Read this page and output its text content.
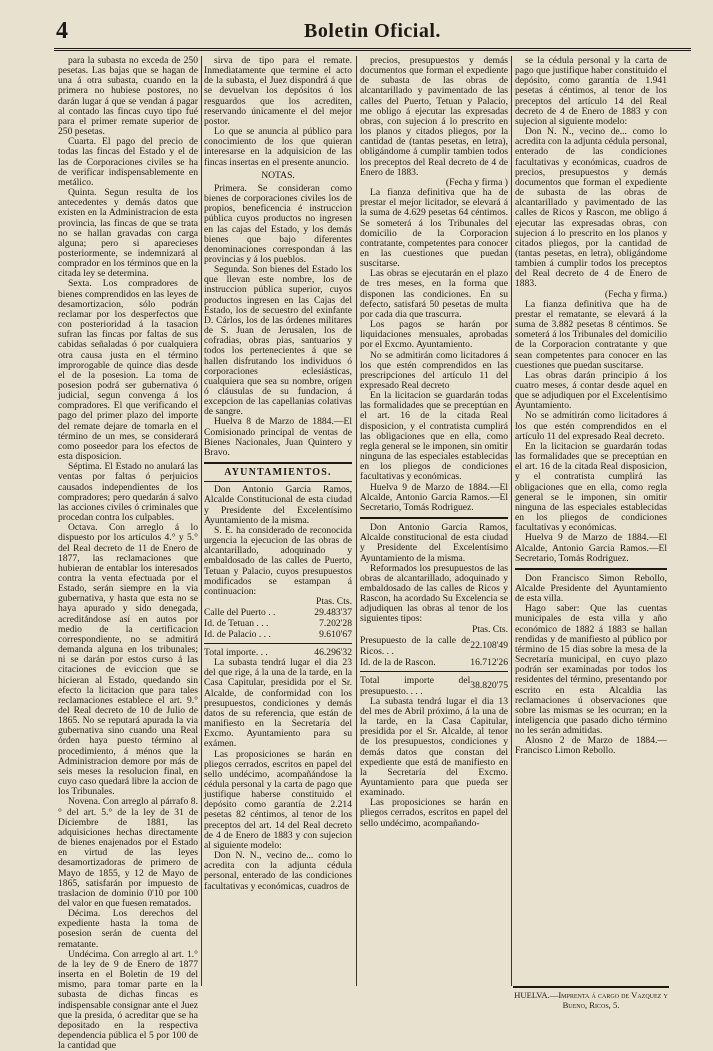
4	Boletin Oficial.

para la subasta no exceda de 250 pesetas. Las bajas que se hagan de una á otra subasta, cuando en la primera no hubiese postores, no darán lugar á que se vendan á pagar al contado las fincas cuyo tipo fué para el primer remate superior de 250 pesetas.

Cuarta. El pago del precio de todas las fincas del Estado y el de las de Corporaciones civiles se ha de verificar indispensablemente en metálico.

Quinta. Segun resulta de los antecedentes y demás datos que existen en la Administracion de esta provincia, las fincas de que se trata no se hallan gravadas con carga alguna; pero si aparecieses posteriormente, se indemnizará al comprador en los términos que en la citada ley se determina.

Sexta. Los compradores de bienes comprendidos en las leyes de desamortizacion, sólo podrán reclamar por los desperfectos que con posterioridad á la tasacion sufran las fincas por faltas de sus cabidas señaladas ó por cualquiera otra causa justa en el término improrogable de quince dias desde el de la posesion. La toma de posesion podrá ser gubernativa ó judicial, segun convenga á los compradores. El que verificando el pago del primer plazo del importe del remate dejare de tomarla en el término de un mes, se considerará como poseedor para los efectos de esta disposicion.

Séptima. El Estado no anulará las ventas por faltas ó perjuicios causados independientes de los compradores; pero quedarán á salvo las acciones civiles ó criminales que procedan contra los culpables.

Octava. Con arreglo á lo dispuesto por los artículos 4.° y 5.° del Real decreto de 11 de Enero de 1877, las reclamaciones que hubieran de entablar los interesados contra la venta efectuada por el Estado, serán siempre en la via gubernativa, y hasta que esta no se haya apurado y sido denegada, acreditándose así en autos por medio de la certificacion correspondiente, no se admitirá demanda alguna en los tribunales; ni se darán por estos curso á las citaciones de eviccion que se hicieran al Estado, quedando sin efecto la licitacion que para tales reclamaciones establece el art. 9.° del Real decreto de 10 de Julio de 1865. No se reputará apurada la via gubernativa sino cuando una Real órden haya puesto término al procedimiento, á ménos que la Administracion demore por más de seis meses la resolucion final, en cuyo caso quedará libre la accion de los Tribunales.

Novena. Con arreglo al párrafo 8.° del art. 5.° de la ley de 31 de Diciembre de 1881, las adquisiciones hechas directamente de bienes enajenados por el Estado en virtud de las leyes desamortizadoras de primero de Mayo de 1855, y 12 de Mayo de 1865, satisfarán por impuesto de traslacion de dominio 0'10 por 100 del valor en que fuesen rematados.

Décima. Los derechos del expediente hasta la toma de posesion serán de cuenta del rematante.

Undécima. Con arreglo al art. 1.° de la ley de 9 de Enero de 1877 inserta en el Boletin de 19 del mismo, para tomar parte en la subasta de dichas fincas es indispensable consignar ante el Juez que la presida, ó acreditar que se ha depositado en la respectiva dependencia pública el 5 por 100 de la cantidad que

sirva de tipo para el remate. Inmediatamente que termine el acto de la subasta, el Juez dispondrá á que se devuelvan los depósitos ó los resguardos que los acrediten, reservando únicamente el del mejor postor.

Lo que se anuncia al público para conocimiento de los que quieran interesarse en la adquisicion de las fincas insertas en el presente anuncio.

NOTAS.

Primera. Se consideran como bienes de corporaciones civiles los de propios, beneficencia é instruccion pública cuyos productos no ingresen en las cajas del Estado, y los demás bienes que bajo diferentes denominaciones correspondan á las provincias y á los pueblos.

Segunda. Son bienes del Estado los que llevan este nombre, los de instruccion pública superior, cuyos productos ingresen en las Cajas del Estado, los de secuestro del exinfante D. Cárlos, los de las órdenes militares de S. Juan de Jerusalen, los de cofradias, obras pias, santuarios y todos los pertenecientes á que se hallen disfrutando los individuos ó corporaciones eclesiásticas, cualquiera que sea su nombre, orígen ó cláusulas de su fundacion, á excepcion de las capellanias colativas de sangre.

Huelva 8 de Marzo de 1884.—El Comisionado principal de ventas de Bienes Nacionales, Juan Quintero y Bravo.

AYUNTAMIENTOS.

Don Antonio Garcia Ramos, Alcalde Constitucional de esta ciudad y Presidente del Excelentísimo Ayuntamiento de la misma.

S. E. ha considerado de reconocida urgencia la ejecucion de las obras de alcantarillado, adoquinado y embaldosado de las calles de Puerto, Tetuan y Palacio, cuyos presupuestos modificados se estampan á continuacion:

Ptas. Cts.
Calle del Puerto . .	29.483'37
Id. de Tetuan . . .	7.202'28
Id. de Palacio . . .	9.610'67
Total importe. . .	46.296'32

La subasta tendrá lugar el dia 23 del que rige, á la una de la tarde, en la Casa Capitular, presidida por el Sr. Alcalde, de conformidad con los presupuestos, condiciones y demás datos de su referencia, que están de manifiesto en la Secretaría del Excmo. Ayuntamiento para su exámen.

Las proposiciones se harán en pliegos cerrados, escritos en papel del sello undécimo, acompañándose la cédula personal y la carta de pago que justifique haberse constituido el depósito como garantía de 2.214 pesetas 82 céntimos, al tenor de los preceptos del art. 14 del Real decreto de 4 de Enero de 1883 y con sujecion al siguiente modelo:

Don N. N., vecino de... como lo acredita con la adjunta cédula personal, enterado de las condiciones facultativas y económicas, cuadros de

precios, presupuestos y demás documentos que forman el expediente de subasta de las obras de alcantarillado y pavimentado de las calles del Puerto, Tetuan y Palacio, me obligo á ejecutar las expresadas obras, con sujecion á lo prescrito en los planos y citados pliegos, por la cantidad de (tantas pesetas, en letra), obligándome á cumplir tambien todos los preceptos del Real decreto de 4 de Enero de 1883.

(Fecha y firma )

La fianza definitiva que ha de prestar el mejor licitador, se elevará á la suma de 4.629 pesetas 64 céntimos. Se someterá á los Tribunales del domicilio de la Corporacion contratante, competentes para conocer en las cuestiones que puedan suscitarse.

Las obras se ejecutarán en el plazo de tres meses, en la forma que disponen las condiciones. En su defecto, satisfará 50 pesetas de multa por cada dia que trascurra.

Los pagos se harán por liquidaciones mensuales, aprobadas por el Excmo. Ayuntamiento.

No se admitirán como licitadores á los que estén comprendidos en las prescripciones del artículo 11 del expresado Real decreto

En la licitacion se guardarán todas las formalidades que se preceptúan en el art. 16 de la citada Real disposicion, y el contratista cumplirá las obligaciones que en ella, como regla general se le imponen, sin omitir ninguna de las especiales establecidas en los pliegos de condiciones facultativas y económicas.

Huelva 9 de Marzo de 1884.—El Alcalde, Antonio Garcia Ramos.—El Secretario, Tomás Rodriguez.

Don Antonio Garcia Ramos, Alcalde constitucional de esta ciudad y Presidente del Excelentísimo Ayuntamiento de la misma.

Reformados los presupuestos de las obras de alcantarillado, adoquinado y embaldosado de las calles de Ricos y Rascon, ha acordado Su Excelencia se adjudiquen las obras al tenor de los siguientes tipos:

Ptas. Cts.
Presupuesto de la calle de Ricos. . .	22.108'49
Id. de la de Rascon.	16.712'26
Total importe del presupuesto. . . .	38.820'75

La subasta tendrá lugar el dia 13 del mes de Abril próximo, á la una de la tarde, en la Casa Capitular, presidida por el Sr. Alcalde, al tenor de los presupuestos, condiciones y demás datos que constan del expediente que está de manifiesto en la Secretaría del Excmo. Ayuntamiento para que pueda ser examinado.

Las proposiciones se harán en pliegos cerrados, escritos en papel del sello undécimo, acompañando-

se la cédula personal y la carta de pago que justifique haber constituido el depósito, como garantía de 1.941 pesetas á céntimos, al tenor de los preceptos del artículo 14 del Real decreto de 4 de Enero de 1883 y con sujecion al siguiente modelo:

Don N. N., vecino de... como lo acredita con la adjunta cédula personal, enterado de las condiciones facultativas y económicas, cuadros de precios, presupuestos y demás documentos que forman el expediente de subasta de las obras de alcantarillado y pavimentado de las calles de Ricos y Rascon, me obligo á ejecutar las expresadas obras, con sujecion á lo prescrito en los planos y citados pliegos, por la cantidad de (tantas pesetas, en letra), obligándome tambien á cumplir todos los preceptos del Real decreto de 4 de Enero de 1883.

(Fecha y firma.)

La fianza definitiva que ha de prestar el rematante, se elevará á la suma de 3.882 pesetas 8 céntimos. Se someterá á los Tribunales del domicilio de la Corporacion contratante y que sean competentes para conocer en las cuestiones que puedan suscitarse.

Las obras darán principio á los cuatro meses, á contar desde aquel en que se adjudiquen por el Excelentísimo Ayuntamiento.

No se admitirán como licitadores á los que estén comprendidos en el artículo 11 del expresado Real decreto.

En la licitacion se guardarán todas las formalidades que se preceptúan en el art. 16 de la citada Real disposicion, y el contratista cumplirá las obligaciones que en ella, como regla general se le imponen, sin omitir ninguna de las especiales establecidas en los pliegos de condiciones facultativas y económicas.

Huelva 9 de Marzo de 1884.—El Alcalde, Antonio Garcia Ramos.—El Secretario, Tomás Rodriguez.

Don Francisco Simon Rebollo, Alcalde Presidente del Ayuntamiento de esta villa.

Hago saber: Que las cuentas municipales de esta villa y año económico de 1882 á 1883 se hallan rendidas y de manifiesto al público por término de 15 dias sobre la mesa de la Secretaría municipal, en cuyo plazo podrán ser examinadas por todos los residentes del término, presentando por escrito en esta Alcaldia las reclamaciones ú observaciones que sobre las mismas se les ocurran; en la inteligencia que pasado dicho término no les serán admitidas.

Alosno 2 de Marzo de 1884.—Francisco Limon Rebollo.

HUELVA.—Imprenta á cargo de Vazquez y Bueno, Ricos, 5.
